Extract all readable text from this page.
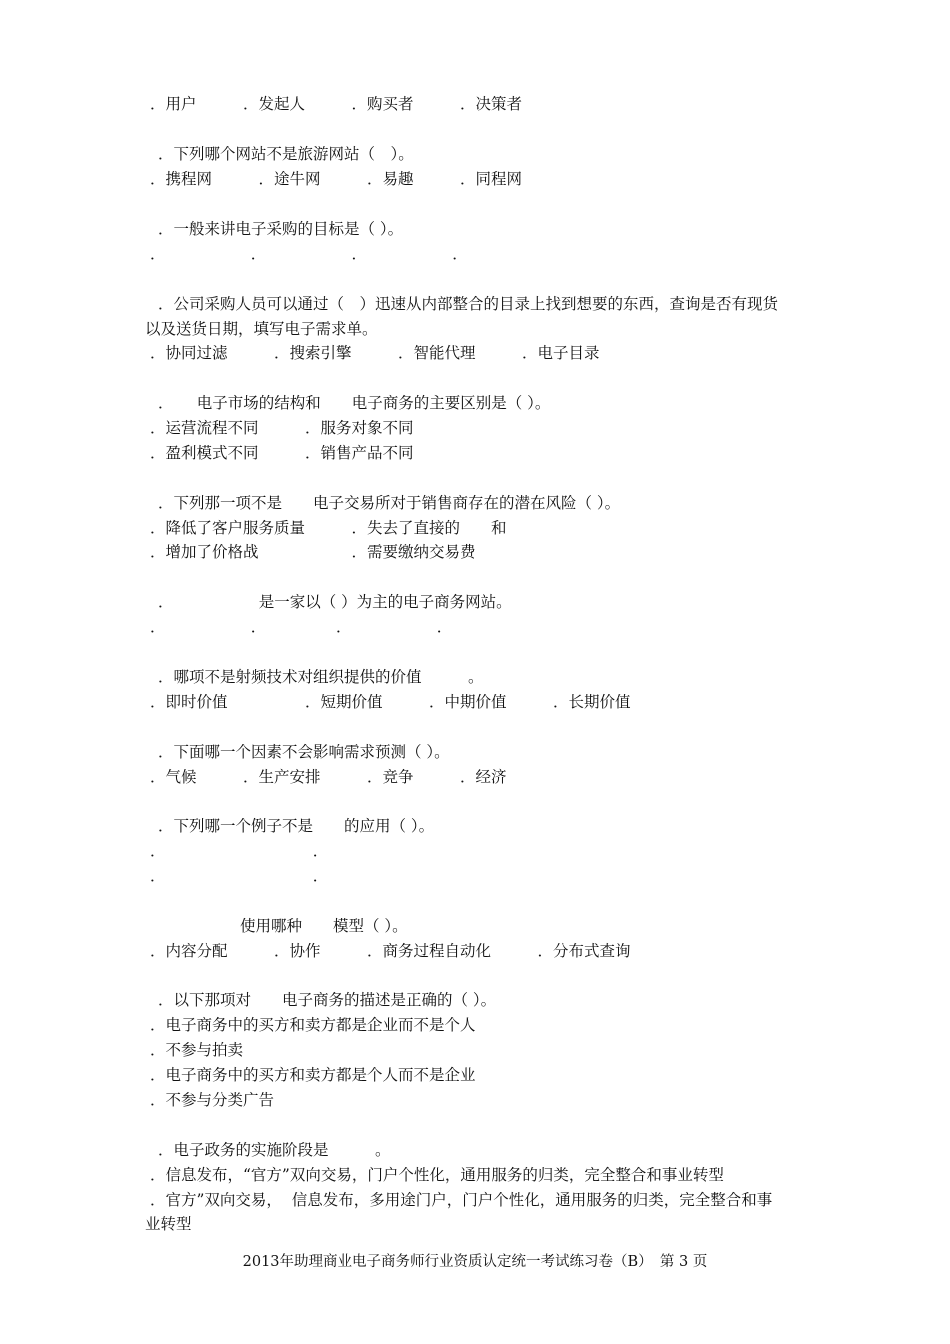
．用户　　　．发起人　　　．购买者　　　．决策者
．下列哪个网站不是旅游网站（　）。
．携程网　　　．途牛网　　　．易趣　　　．同程网
．一般来讲电子采购的目标是（ ）。
．　　　　　　．　　　　　　．　　　　　　．
．公司采购人员可以通过（　）迅速从内部整合的目录上找到想要的东西，查询是否有现货
以及送货日期，填写电子需求单。
．协同过滤　　　．搜索引擎　　　．智能代理　　　．电子目录
．　　电子市场的结构和　　电子商务的主要区别是（ ）。
．运营流程不同　　　．服务对象不同
．盈利模式不同　　　．销售产品不同
．下列那一项不是　　电子交易所对于销售商存在的潜在风险（ ）。
．降低了客户服务质量　　　．失去了直接的　　和
．增加了价格战　　　　　　．需要缴纳交易费
．　　　　　　是一家以（ ）为主的电子商务网站。
．　　　　　　．　　　　　．　　　　　　．
．哪项不是射频技术对组织提供的价值　　　。
．即时价值　　　　　．短期价值　　　．中期价值　　　．长期价值
．下面哪一个因素不会影响需求预测（ ）。
．气候　　　．生产安排　　　．竞争　　　．经济
．下列哪一个例子不是　　的应用（ ）。
．　　　　　　　　　　．
．　　　　　　　　　　．
使用哪种　　模型（ ）。
．内容分配　　　．协作　　　．商务过程自动化　　　．分布式查询
．以下那项对　　电子商务的描述是正确的（ ）。
．电子商务中的买方和卖方都是企业而不是个人
．不参与拍卖
．电子商务中的买方和卖方都是个人而不是企业
．不参与分类广告
．电子政务的实施阶段是　　　。
．信息发布，“官方”双向交易，门户个性化，通用服务的归类，完全整合和事业转型
．官方”双向交易，  信息发布，多用途门户，门户个性化，通用服务的归类，完全整合和事
业转型
2013年助理商业电子商务师行业资质认定统一考试练习卷（B）　第 3 页
